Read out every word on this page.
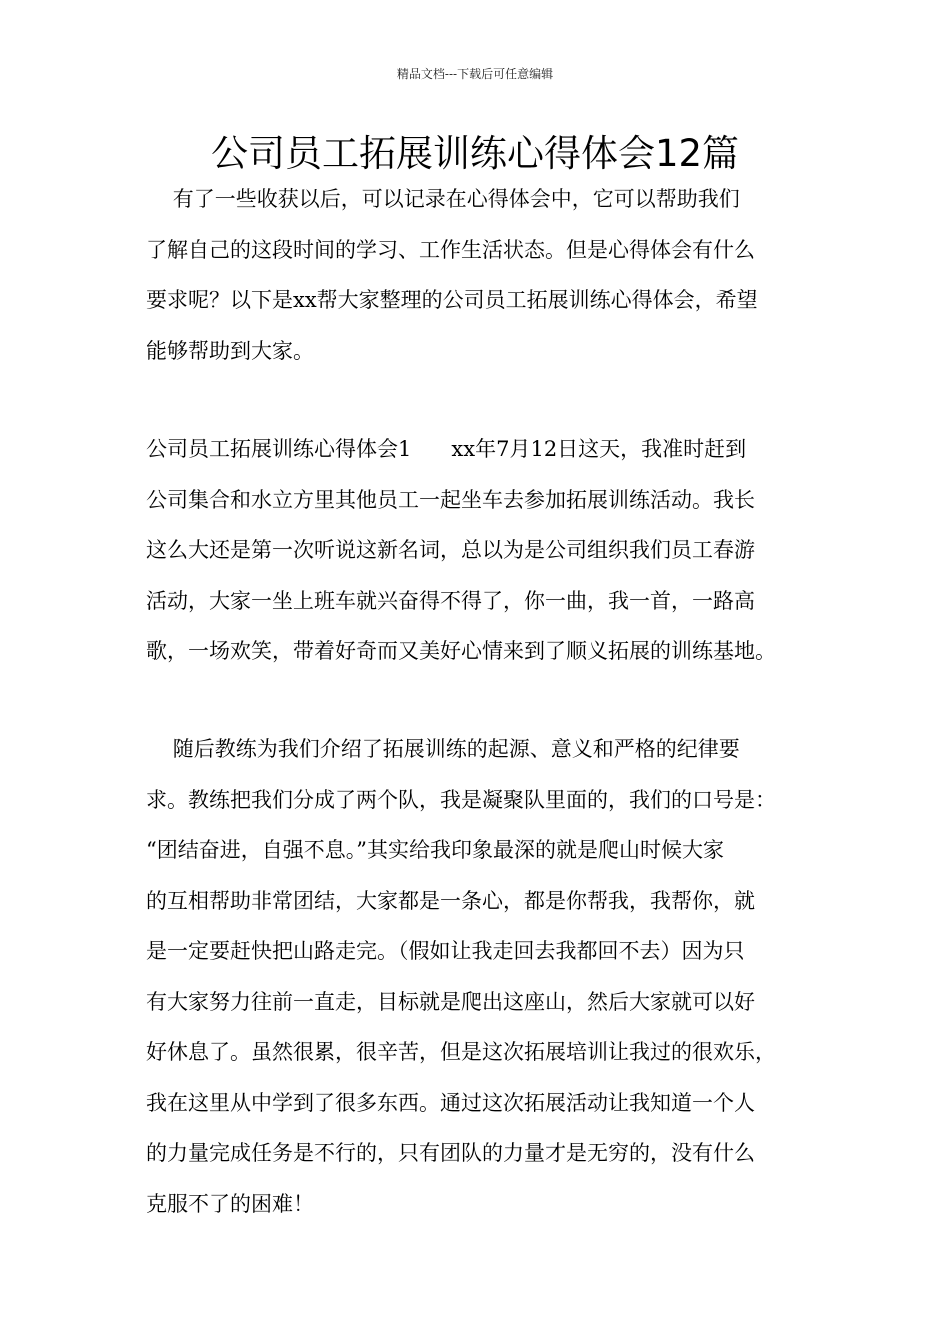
精品文档---下载后可任意编辑
公司员工拓展训练心得体会12篇
有了一些收获以后，可以记录在心得体会中，它可以帮助我们
了解自己的这段时间的学习、工作生活状态。但是心得体会有什么
要求呢？以下是xx帮大家整理的公司员工拓展训练心得体会，希望
能够帮助到大家。
公司员工拓展训练心得体会1      xx年7月12日这天，我准时赶到
公司集合和水立方里其他员工一起坐车去参加拓展训练活动。我长
这么大还是第一次听说这新名词，总以为是公司组织我们员工春游
活动，大家一坐上班车就兴奋得不得了，你一曲，我一首，一路高
歌，一场欢笑，带着好奇而又美好心情来到了顺义拓展的训练基地。
随后教练为我们介绍了拓展训练的起源、意义和严格的纪律要
求。教练把我们分成了两个队，我是凝聚队里面的，我们的口号是：
“团结奋进，自强不息。”其实给我印象最深的就是爬山时候大家
的互相帮助非常团结，大家都是一条心，都是你帮我，我帮你，就
是一定要赶快把山路走完。（假如让我走回去我都回不去）因为只
有大家努力往前一直走，目标就是爬出这座山，然后大家就可以好
好休息了。虽然很累，很辛苦，但是这次拓展培训让我过的很欢乐，
我在这里从中学到了很多东西。通过这次拓展活动让我知道一个人
的力量完成任务是不行的，只有团队的力量才是无穷的，没有什么
克服不了的困难！
